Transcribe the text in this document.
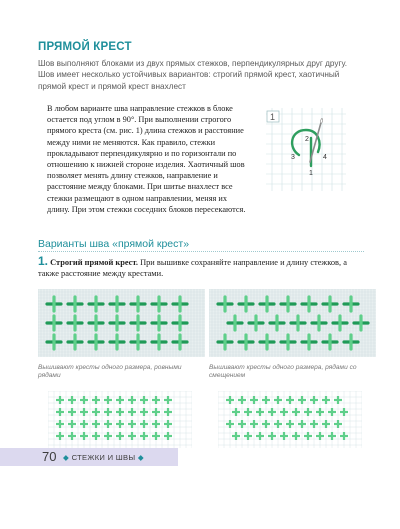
ПРЯМОЙ КРЕСТ
Шов выполняют блоками из двух прямых стежков, перпендикулярных друг другу. Шов имеет несколько устойчивых вариантов: строгий прямой крест, хаотичный прямой крест и прямой крест внахлест
В любом варианте шва направление стежков в блоке остается под углом в 90°. При выполнении строгого прямого креста (см. рис. 1) длина стежков и расстояние между ними не меняются. Как правило, стежки прокладывают перпендикулярно и по горизонтали по отношению к нижней стороне изделия. Хаотичный шов позволяет менять длину стежков, направление и расстояние между блоками. При шитье внахлест все стежки размещают в одном направлении, меняя их длину. При этом стежки соседних блоков пересекаются.
1
2
3	4
1
Варианты шва «прямой крест»
1. Строгий прямой крест. При вышивке сохраняйте направление и длину стежков, а также расстояние между крестами.
Вышивают кресты одного размера, ровными рядами
Вышивают кресты одного размера, рядами со смещением
70 ◆ СТЕЖКИ И ШВЫ ◆
